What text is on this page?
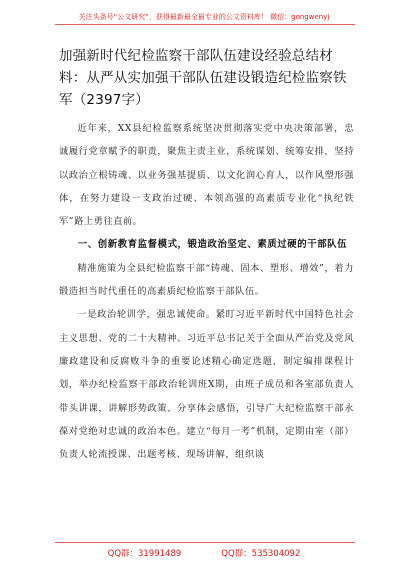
关注头条号“公文研究”，获得最新最全最专业的公文资料库！ 微信：gongwenyj
加强新时代纪检监察干部队伍建设经验总结材料：从严从实加强干部队伍建设锻造纪检监察铁军（2397字）

近年来，XX县纪检监察系统坚决贯彻落实党中央决策部署，忠诚履行党章赋予的职责，聚焦主责主业，系统谋划、统筹安排，坚持以政治立根铸魂、以业务强基提质、以文化润心育人，以作风塑形强体，在努力建设一支政治过硬、本领高强的高素质专业化“执纪铁军”路上勇往直前。

一、创新教育监督模式，锻造政治坚定、素质过硬的干部队伍

精准施策为全县纪检监察干部“铸魂、固本、塑形、增效”，着力锻造担当时代重任的高素质纪检监察干部队伍。

一是政治轮训学，强忠诚使命。紧盯习近平新时代中国特色社会主义思想、党的二十大精神、习近平总书记关于全面从严治党及党风廉政建设和反腐败斗争的重要论述精心确定选题，制定编排课程计划，举办纪检监察干部政治轮训班X期，由班子成员和各室部负责人带头讲课，讲解形势政策、分享体会感悟，引导广大纪检监察干部永葆对党绝对忠诚的政治本色。建立“每月一考”机制，定期由室（部）负责人轮流授课、出题考核、现场讲解，组织谈

QQ群：31991489	QQ群：535304092
